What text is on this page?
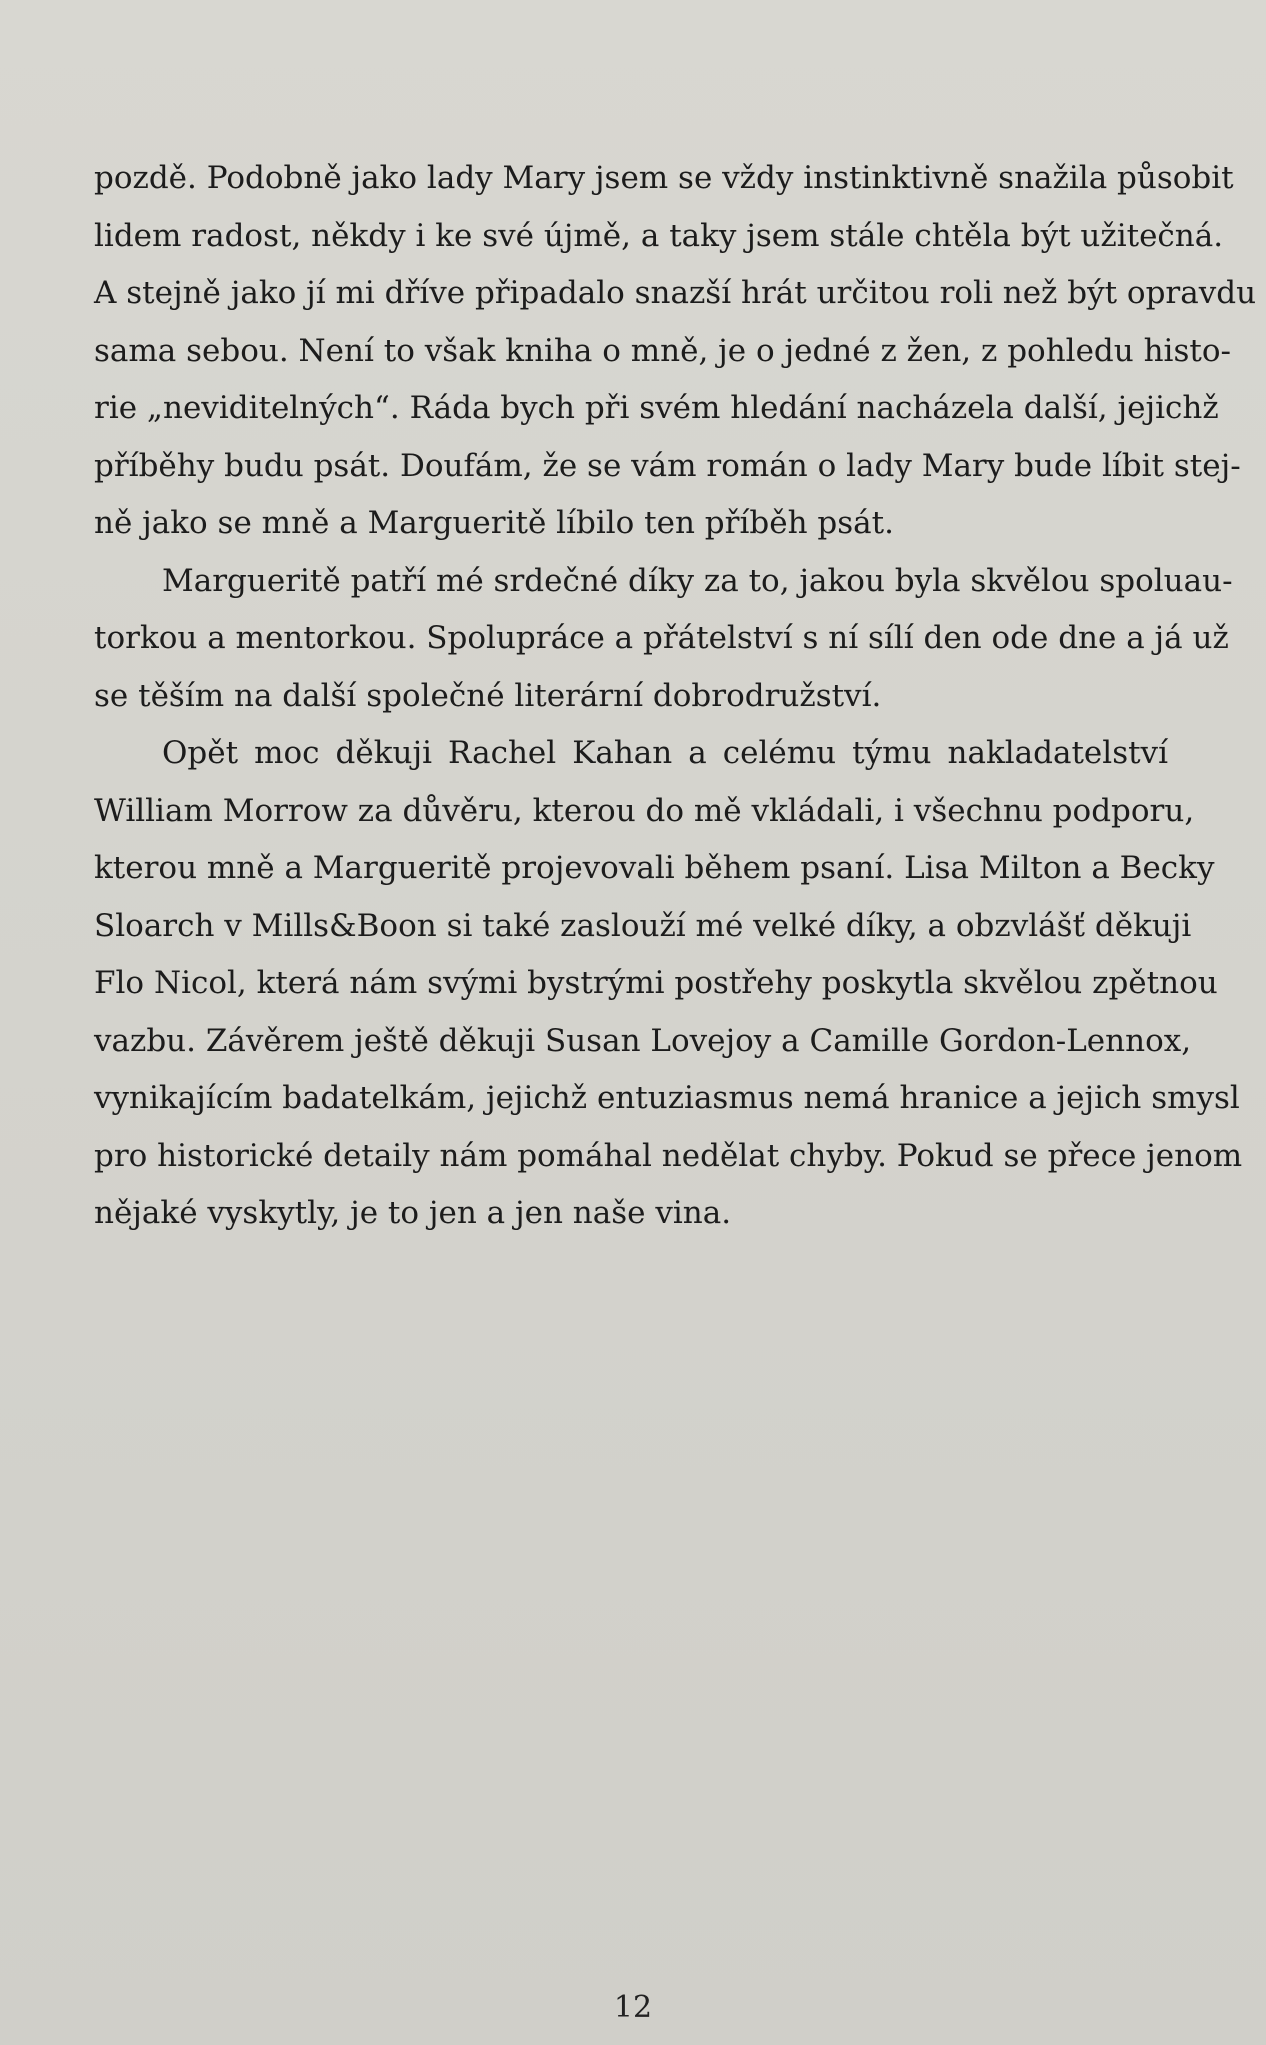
pozdě. Podobně jako lady Mary jsem se vždy instinktivně snažila působit
lidem radost, někdy i ke své újmě, a taky jsem stále chtěla být užitečná.
A stejně jako jí mi dříve připadalo snazší hrát určitou roli než být opravdu
sama sebou. Není to však kniha o mně, je o jedné z žen, z pohledu histo-
rie „neviditelných“. Ráda bych při svém hledání nacházela další, jejichž
příběhy budu psát. Doufám, že se vám román o lady Mary bude líbit stej-
ně jako se mně a Margueritě líbilo ten příběh psát.
Margueritě patří mé srdečné díky za to, jakou byla skvělou spoluau-
torkou a mentorkou. Spolupráce a přátelství s ní sílí den ode dne a já už
se těším na další společné literární dobrodružství.
Opět moc děkuji Rachel Kahan a celému týmu nakladatelství
William Morrow za důvěru, kterou do mě vkládali, i všechnu podporu,
kterou mně a Margueritě projevovali během psaní. Lisa Milton a Becky
Sloarch v Mills&Boon si také zaslouží mé velké díky, a obzvlášť děkuji
Flo Nicol, která nám svými bystrými postřehy poskytla skvělou zpětnou
vazbu. Závěrem ještě děkuji Susan Lovejoy a Camille Gordon-Lennox,
vynikajícím badatelkám, jejichž entuziasmus nemá hranice a jejich smysl
pro historické detaily nám pomáhal nedělat chyby. Pokud se přece jenom
nějaké vyskytly, je to jen a jen naše vina.
12
